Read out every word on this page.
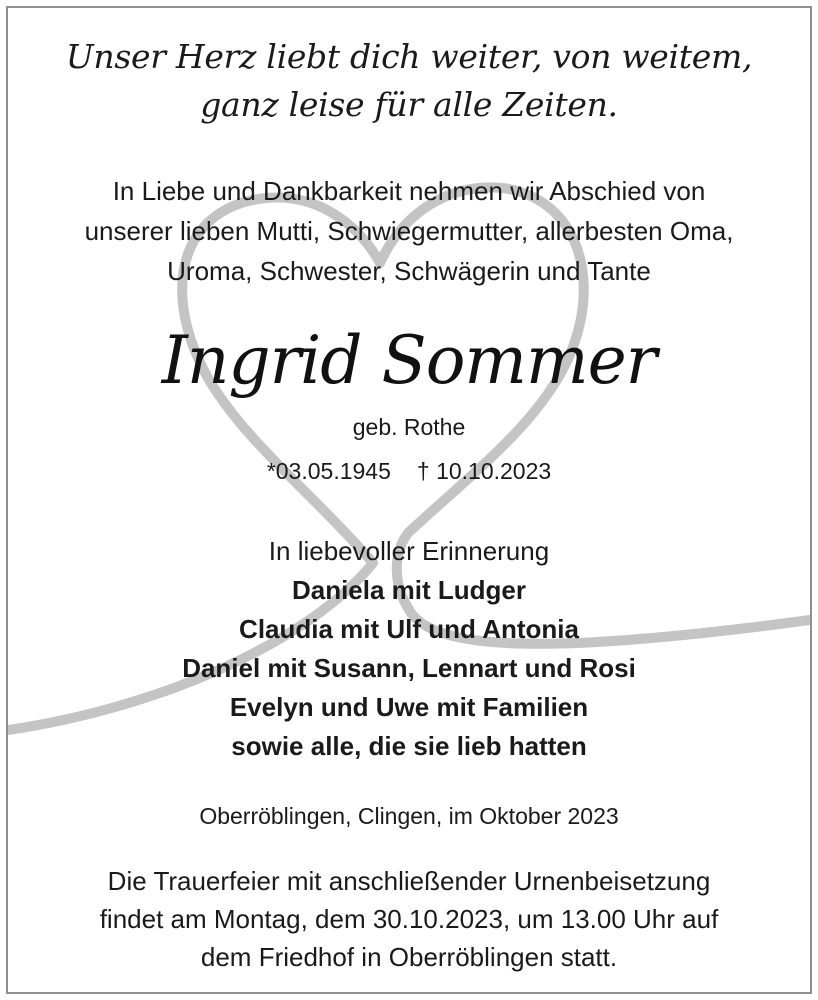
Unser Herz liebt dich weiter, von weitem,
ganz leise für alle Zeiten.
In Liebe und Dankbarkeit nehmen wir Abschied von
unserer lieben Mutti, Schwiegermutter, allerbesten Oma,
Uroma, Schwester, Schwägerin und Tante
Ingrid Sommer
geb. Rothe
*03.05.1945 † 10.10.2023
In liebevoller Erinnerung
Daniela mit Ludger
Claudia mit Ulf und Antonia
Daniel mit Susann, Lennart und Rosi
Evelyn und Uwe mit Familien
sowie alle, die sie lieb hatten
Oberröblingen, Clingen, im Oktober 2023
Die Trauerfeier mit anschließender Urnenbeisetzung
findet am Montag, dem 30.10.2023, um 13.00 Uhr auf
dem Friedhof in Oberröblingen statt.
